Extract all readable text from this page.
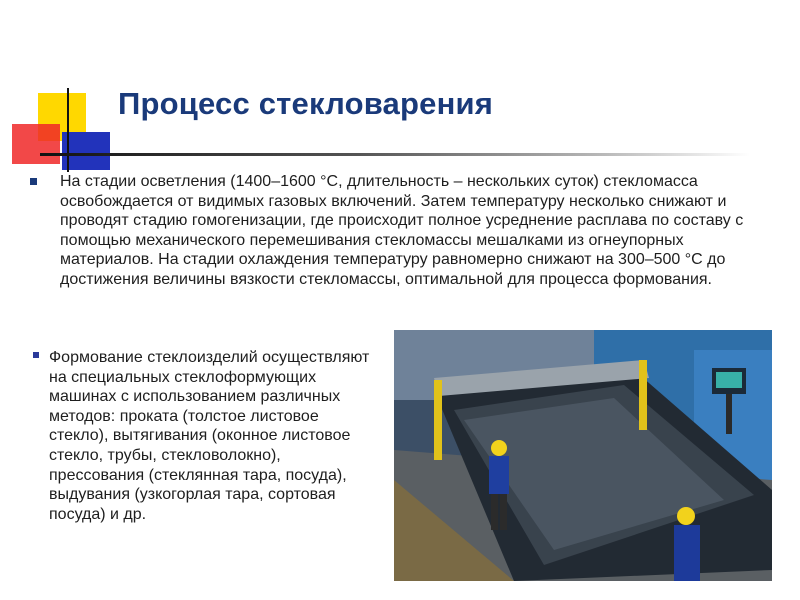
Процесс стекловарения
На стадии осветления (1400–1600 °С, длительность – нескольких суток) стекломасса освобождается от видимых газовых включений. Затем температуру несколько снижают и проводят стадию гомогенизации, где происходит полное усреднение расплава по составу с помощью механического перемешивания стекломассы мешалками из огнеупорных материалов. На стадии охлаждения температуру равномерно снижают на 300–500 °С до достижения величины вязкости стекломассы, оптимальной для процесса формования.
Формование стеклоизделий осуществляют на специальных стеклоформующих машинах с использованием различных методов: проката (толстое листовое стекло), вытягивания (оконное листовое стекло, трубы, стекловолокно), прессования (стеклянная тара, посуда), выдувания (узкогорлая тара, сортовая посуда) и др.
